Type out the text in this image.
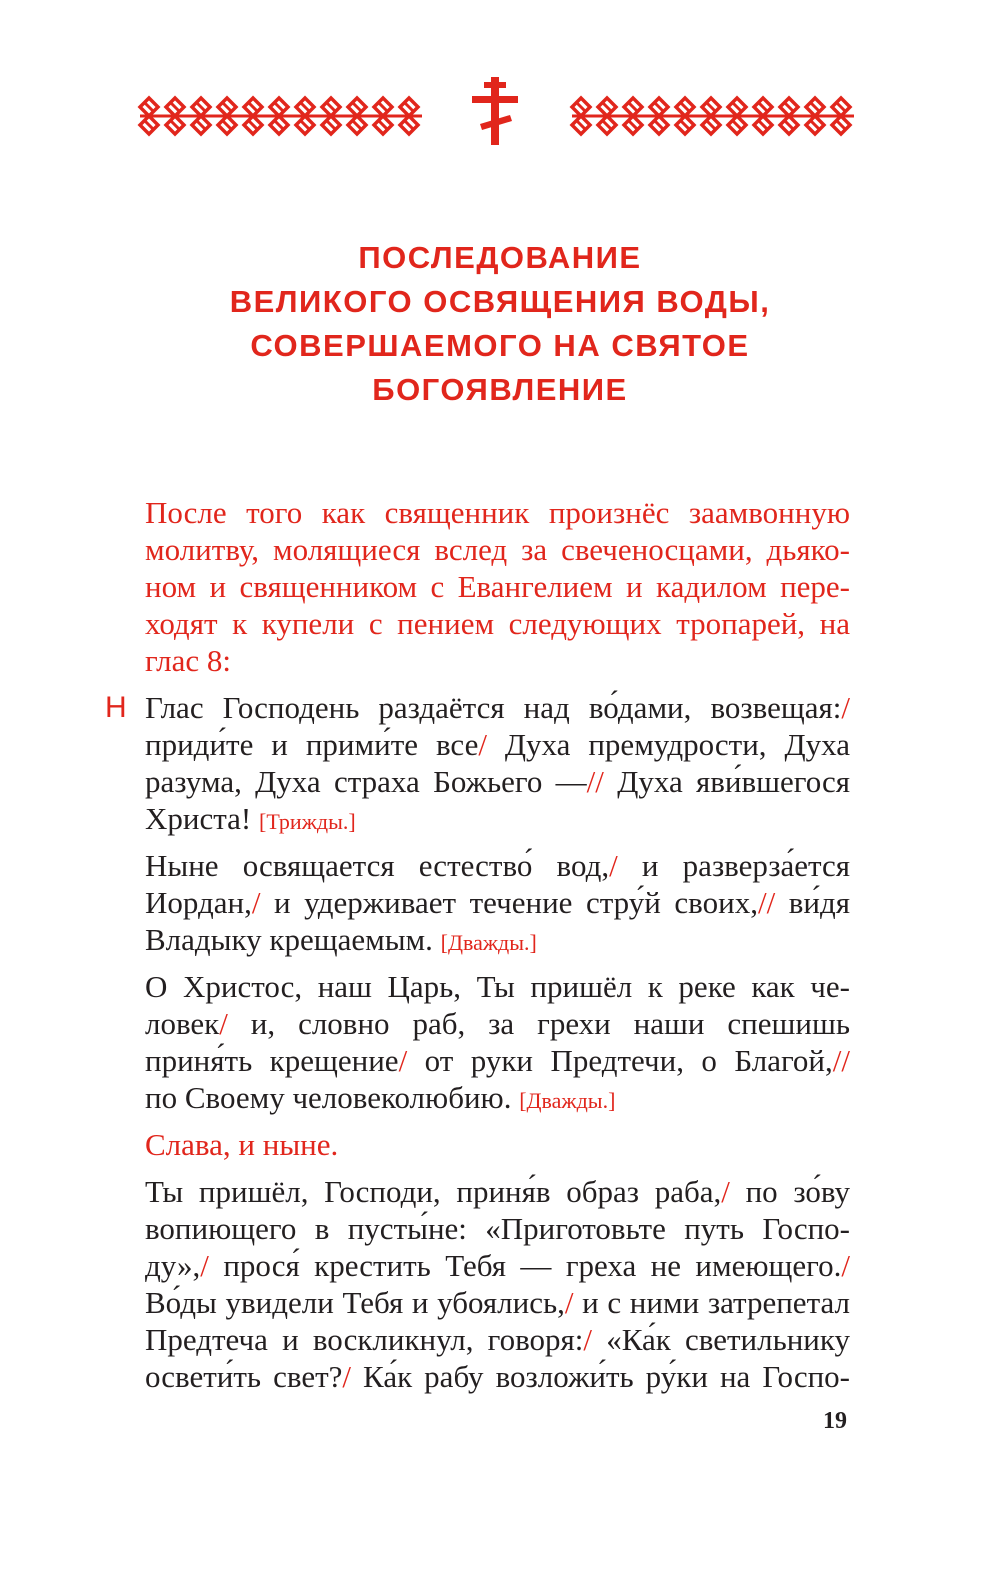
ПОСЛЕДОВАНИЕ
ВЕЛИКОГО ОСВЯЩЕНИЯ ВОДЫ,
СОВЕРШАЕМОГО НА СВЯТОЕ
БОГОЯВЛЕНИЕ
После того как священник произнёс заамвонную
молитву, молящиеся вслед за свеченосцами, дьяко-
ном и священником с Евангелием и кадилом пере-
ходят к купели с пением следующих тропарей, на
глас 8:
Н Глас Господень раздаётся над во́дами, возвещая:/
приди́те и прими́те все/ Духа премудрости, Духа
разума, Духа страха Божьего —// Духа яви́вшегося
Христа! [Трижды.]
Ныне освящается естество́ вод,/ и разверза́ется
Иордан,/ и удерживает течение стру́й своих,// ви́дя
Владыку крещаемым. [Дважды.]
О Христос, наш Царь, Ты пришёл к реке как че-
ловек/ и, словно раб, за грехи наши спешишь
приня́ть крещение/ от руки Предтечи, о Благой,//
по Своему человеколюбию. [Дважды.]
Слава, и ныне.
Ты пришёл, Господи, приня́в образ раба,/ по зо́ву
вопиющего в пусты́не: «Приготовьте путь Госпо-
ду»,/ прося́ крестить Тебя — греха не имеющего./
Во́ды увидели Тебя и убоялись,/ и с ними затрепетал
Предтеча и воскликнул, говоря:/ «Ка́к светильнику
освети́ть свет?/ Ка́к рабу возложи́ть ру́ки на Госпо-
19
